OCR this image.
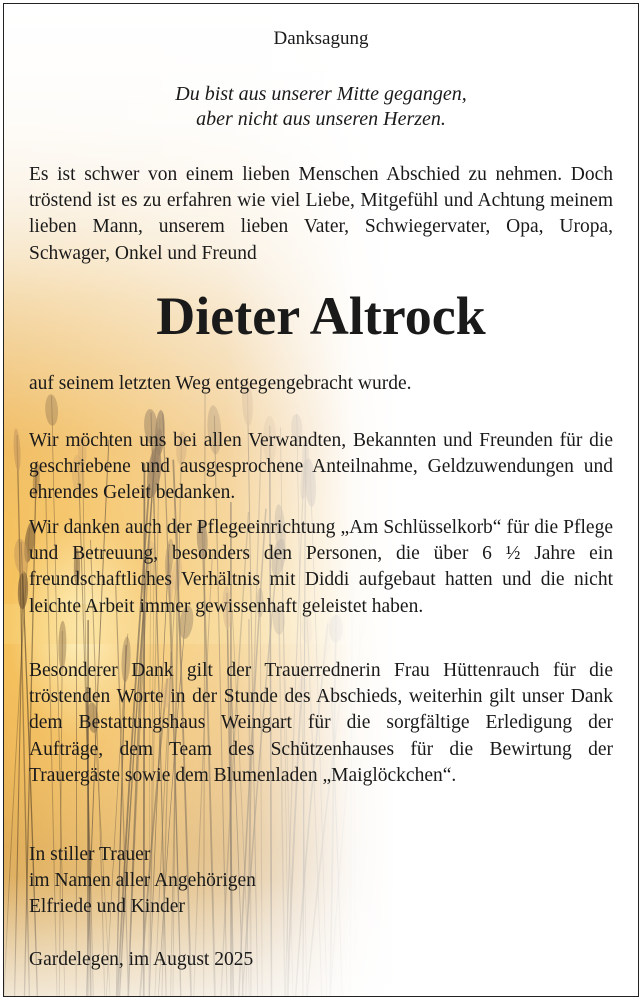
Danksagung
Du bist aus unserer Mitte gegangen,
aber nicht aus unseren Herzen.
Es ist schwer von einem lieben Menschen Abschied zu nehmen. Doch tröstend ist es zu erfahren wie viel Liebe, Mitgefühl und Achtung meinem lieben Mann, unserem lieben Vater, Schwiegervater, Opa, Uropa, Schwager, Onkel und Freund
Dieter Altrock
auf seinem letzten Weg entgegengebracht wurde.
Wir möchten uns bei allen Verwandten, Bekannten und Freunden für die geschriebene und ausgesprochene Anteilnahme, Geldzuwendungen und ehrendes Geleit bedanken.
Wir danken auch der Pflegeeinrichtung „Am Schlüsselkorb“ für die Pflege und Betreuung, besonders den Personen, die über 6 ½ Jahre ein freundschaftliches Verhältnis mit Diddi aufgebaut hatten und die nicht leichte Arbeit immer gewissenhaft geleistet haben.
Besonderer Dank gilt der Trauerrednerin Frau Hüttenrauch für die tröstenden Worte in der Stunde des Abschieds, weiterhin gilt unser Dank dem Bestattungshaus Weingart für die sorgfältige Erledigung der Aufträge, dem Team des Schützenhauses für die Bewirtung der Trauergäste sowie dem Blumenladen „Maiglöckchen“.
In stiller Trauer
im Namen aller Angehörigen
Elfriede und Kinder
Gardelegen, im August 2025
